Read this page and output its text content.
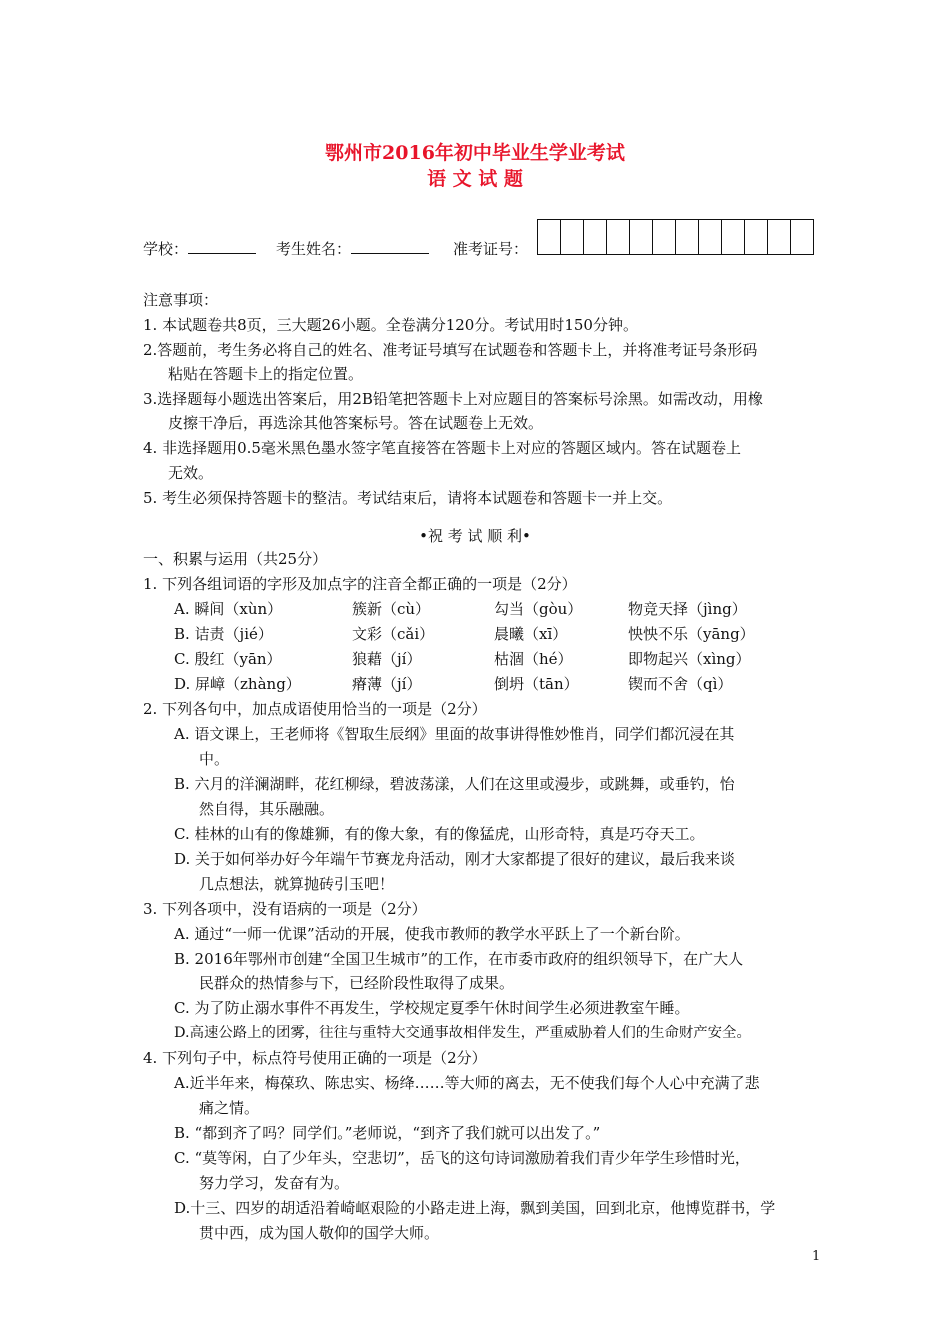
鄂州市2016年初中毕业生学业考试
语 文 试 题
学校：	考生姓名：	准考证号：
注意事项：
1. 本试题卷共8页，三大题26小题。全卷满分120分。考试用时150分钟。
2.答题前，考生务必将自己的姓名、准考证号填写在试题卷和答题卡上，并将准考证号条形码
粘贴在答题卡上的指定位置。
3.选择题每小题选出答案后，用2B铅笔把答题卡上对应题目的答案标号涂黑。如需改动，用橡
皮擦干净后，再选涂其他答案标号。答在试题卷上无效。
4. 非选择题用0.5毫米黑色墨水签字笔直接答在答题卡上对应的答题区域内。答在试题卷上
无效。
5. 考生必须保持答题卡的整洁。考试结束后，请将本试题卷和答题卡一并上交。
•祝 考 试 顺 利•
一、积累与运用（共25分）
1. 下列各组词语的字形及加点字的注音全都正确的一项是（2分）
A. 瞬间（xùn）	簇新（cù）	勾当（gòu）	物竞天择（jìng）
B. 诘责（jié）	文彩（cǎi）	晨曦（xī）	怏怏不乐（yāng）
C. 殷红（yān）	狼藉（jí）	枯涸（hé）	即物起兴（xìng）
D. 屏嶂（zhàng）	瘠薄（jí）	倒坍（tān）	锲而不舍（qì）
2. 下列各句中，加点成语使用恰当的一项是（2分）
A. 语文课上，王老师将《智取生辰纲》里面的故事讲得惟妙惟肖，同学们都沉浸在其
中。
B. 六月的洋澜湖畔，花红柳绿，碧波荡漾，人们在这里或漫步，或跳舞，或垂钓，怡
然自得，其乐融融。
C. 桂林的山有的像雄狮，有的像大象，有的像猛虎，山形奇特，真是巧夺天工。
D. 关于如何举办好今年端午节赛龙舟活动，刚才大家都提了很好的建议，最后我来谈
几点想法，就算抛砖引玉吧！
3. 下列各项中，没有语病的一项是（2分）
A. 通过“一师一优课”活动的开展，使我市教师的教学水平跃上了一个新台阶。
B. 2016年鄂州市创建“全国卫生城市”的工作，在市委市政府的组织领导下，在广大人
民群众的热情参与下，已经阶段性取得了成果。
C. 为了防止溺水事件不再发生，学校规定夏季午休时间学生必须进教室午睡。
D.高速公路上的团雾，往往与重特大交通事故相伴发生，严重威胁着人们的生命财产安全。
4. 下列句子中，标点符号使用正确的一项是（2分）
A.近半年来，梅葆玖、陈忠实、杨绛……等大师的离去，无不使我们每个人心中充满了悲
痛之情。
B. “都到齐了吗？同学们。”老师说，“到齐了我们就可以出发了。”
C. “莫等闲，白了少年头，空悲切”，岳飞的这句诗词激励着我们青少年学生珍惜时光，
努力学习，发奋有为。
D.十三、四岁的胡适沿着崎岖艰险的小路走进上海，飘到美国，回到北京，他博览群书，学
贯中西，成为国人敬仰的国学大师。
1
